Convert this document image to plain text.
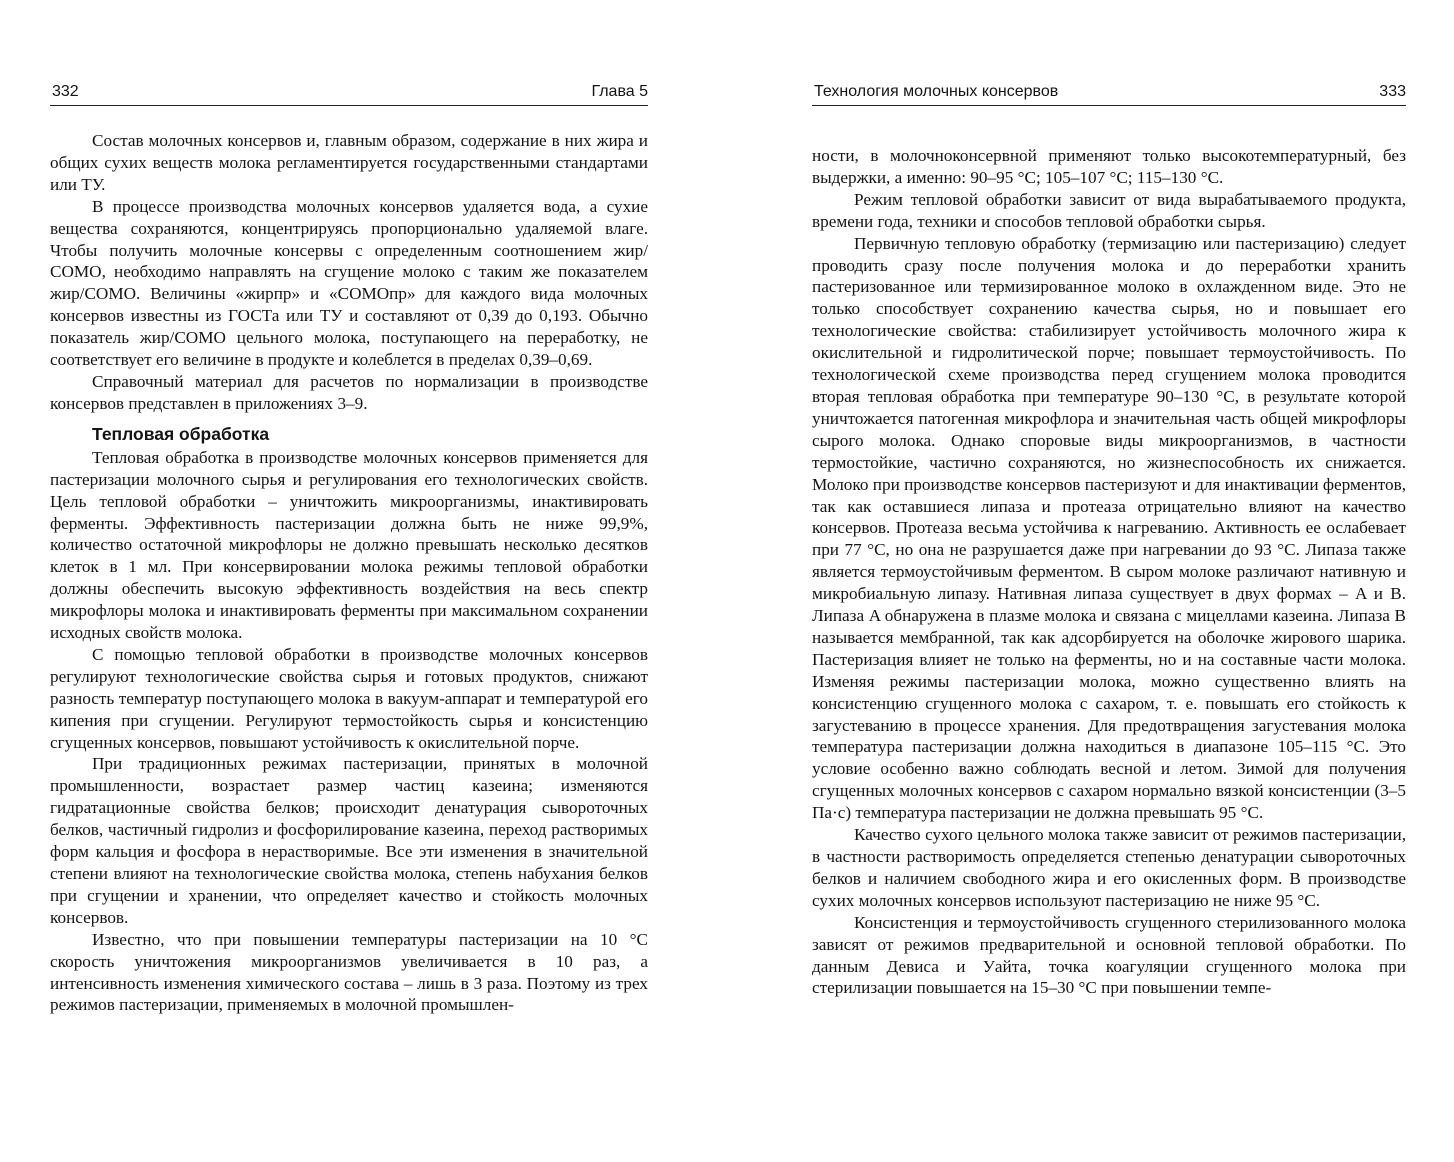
332	Глава 5

Состав молочных консервов и, главным образом, содержание в них жира и общих сухих веществ молока регламентируется государственными стандартами или ТУ.

В процессе производства молочных консервов удаляется вода, а сухие вещества сохраняются, концентрируясь пропорционально удаляемой влаге. Чтобы получить молочные консервы с определенным соотношением жир/СОМО, необходимо направлять на сгущение молоко с таким же показателем жир/СОМО. Величины «жирпр» и «СОМОпр» для каждого вида молочных консервов известны из ГОСТа или ТУ и составляют от 0,39 до 0,193. Обычно показатель жир/СОМО цельного молока, поступающего на переработку, не соответствует его величине в продукте и колеблется в пределах 0,39–0,69.

Справочный материал для расчетов по нормализации в производстве консервов представлен в приложениях 3–9.

Тепловая обработка

Тепловая обработка в производстве молочных консервов применяется для пастеризации молочного сырья и регулирования его технологических свойств. Цель тепловой обработки – уничтожить микроорганизмы, инактивировать ферменты. Эффективность пастеризации должна быть не ниже 99,9%, количество остаточной микрофлоры не должно превышать несколько десятков клеток в 1 мл. При консервировании молока режимы тепловой обработки должны обеспечить высокую эффективность воздействия на весь спектр микрофлоры молока и инактивировать ферменты при максимальном сохранении исходных свойств молока.

С помощью тепловой обработки в производстве молочных консервов регулируют технологические свойства сырья и готовых продуктов, снижают разность температур поступающего молока в вакуум-аппарат и температурой его кипения при сгущении. Регулируют термостойкость сырья и консистенцию сгущенных консервов, повышают устойчивость к окислительной порче.

При традиционных режимах пастеризации, принятых в молочной промышленности, возрастает размер частиц казеина; изменяются гидратационные свойства белков; происходит денатурация сывороточных белков, частичный гидролиз и фосфорилирование казеина, переход растворимых форм кальция и фосфора в нерастворимые. Все эти изменения в значительной степени влияют на технологические свойства молока, степень набухания белков при сгущении и хранении, что определяет качество и стойкость молочных консервов.

Известно, что при повышении температуры пастеризации на 10 °C скорость уничтожения микроорганизмов увеличивается в 10 раз, а интенсивность изменения химического состава – лишь в 3 раза. Поэтому из трех режимов пастеризации, применяемых в молочной промышлен-

Технология молочных консервов	333

ности, в молочноконсервной применяют только высокотемпературный, без выдержки, а именно: 90–95 °C; 105–107 °C; 115–130 °C.

Режим тепловой обработки зависит от вида вырабатываемого продукта, времени года, техники и способов тепловой обработки сырья.

Первичную тепловую обработку (термизацию или пастеризацию) следует проводить сразу после получения молока и до переработки хранить пастеризованное или термизированное молоко в охлажденном виде. Это не только способствует сохранению качества сырья, но и повышает его технологические свойства: стабилизирует устойчивость молочного жира к окислительной и гидролитической порче; повышает термоустойчивость. По технологической схеме производства перед сгущением молока проводится вторая тепловая обработка при температуре 90–130 °C, в результате которой уничтожается патогенная микрофлора и значительная часть общей микрофлоры сырого молока. Однако споровые виды микроорганизмов, в частности термостойкие, частично сохраняются, но жизнеспособность их снижается. Молоко при производстве консервов пастеризуют и для инактивации ферментов, так как оставшиеся липаза и протеаза отрицательно влияют на качество консервов. Протеаза весьма устойчива к нагреванию. Активность ее ослабевает при 77 °C, но она не разрушается даже при нагревании до 93 °C. Липаза также является термоустойчивым ферментом. В сыром молоке различают нативную и микробиальную липазу. Нативная липаза существует в двух формах – A и B. Липаза A обнаружена в плазме молока и связана с мицеллами казеина. Липаза B называется мембранной, так как адсорбируется на оболочке жирового шарика. Пастеризация влияет не только на ферменты, но и на составные части молока. Изменяя режимы пастеризации молока, можно существенно влиять на консистенцию сгущенного молока с сахаром, т. е. повышать его стойкость к загустеванию в процессе хранения. Для предотвращения загустевания молока температура пастеризации должна находиться в диапазоне 105–115 °C. Это условие особенно важно соблюдать весной и летом. Зимой для получения сгущенных молочных консервов с сахаром нормально вязкой консистенции (3–5 Па·с) температура пастеризации не должна превышать 95 °C.

Качество сухого цельного молока также зависит от режимов пастеризации, в частности растворимость определяется степенью денатурации сывороточных белков и наличием свободного жира и его окисленных форм. В производстве сухих молочных консервов используют пастеризацию не ниже 95 °C.

Консистенция и термоустойчивость сгущенного стерилизованного молока зависят от режимов предварительной и основной тепловой обработки. По данным Девиса и Уайта, точка коагуляции сгущенного молока при стерилизации повышается на 15–30 °C при повышении темпе-
